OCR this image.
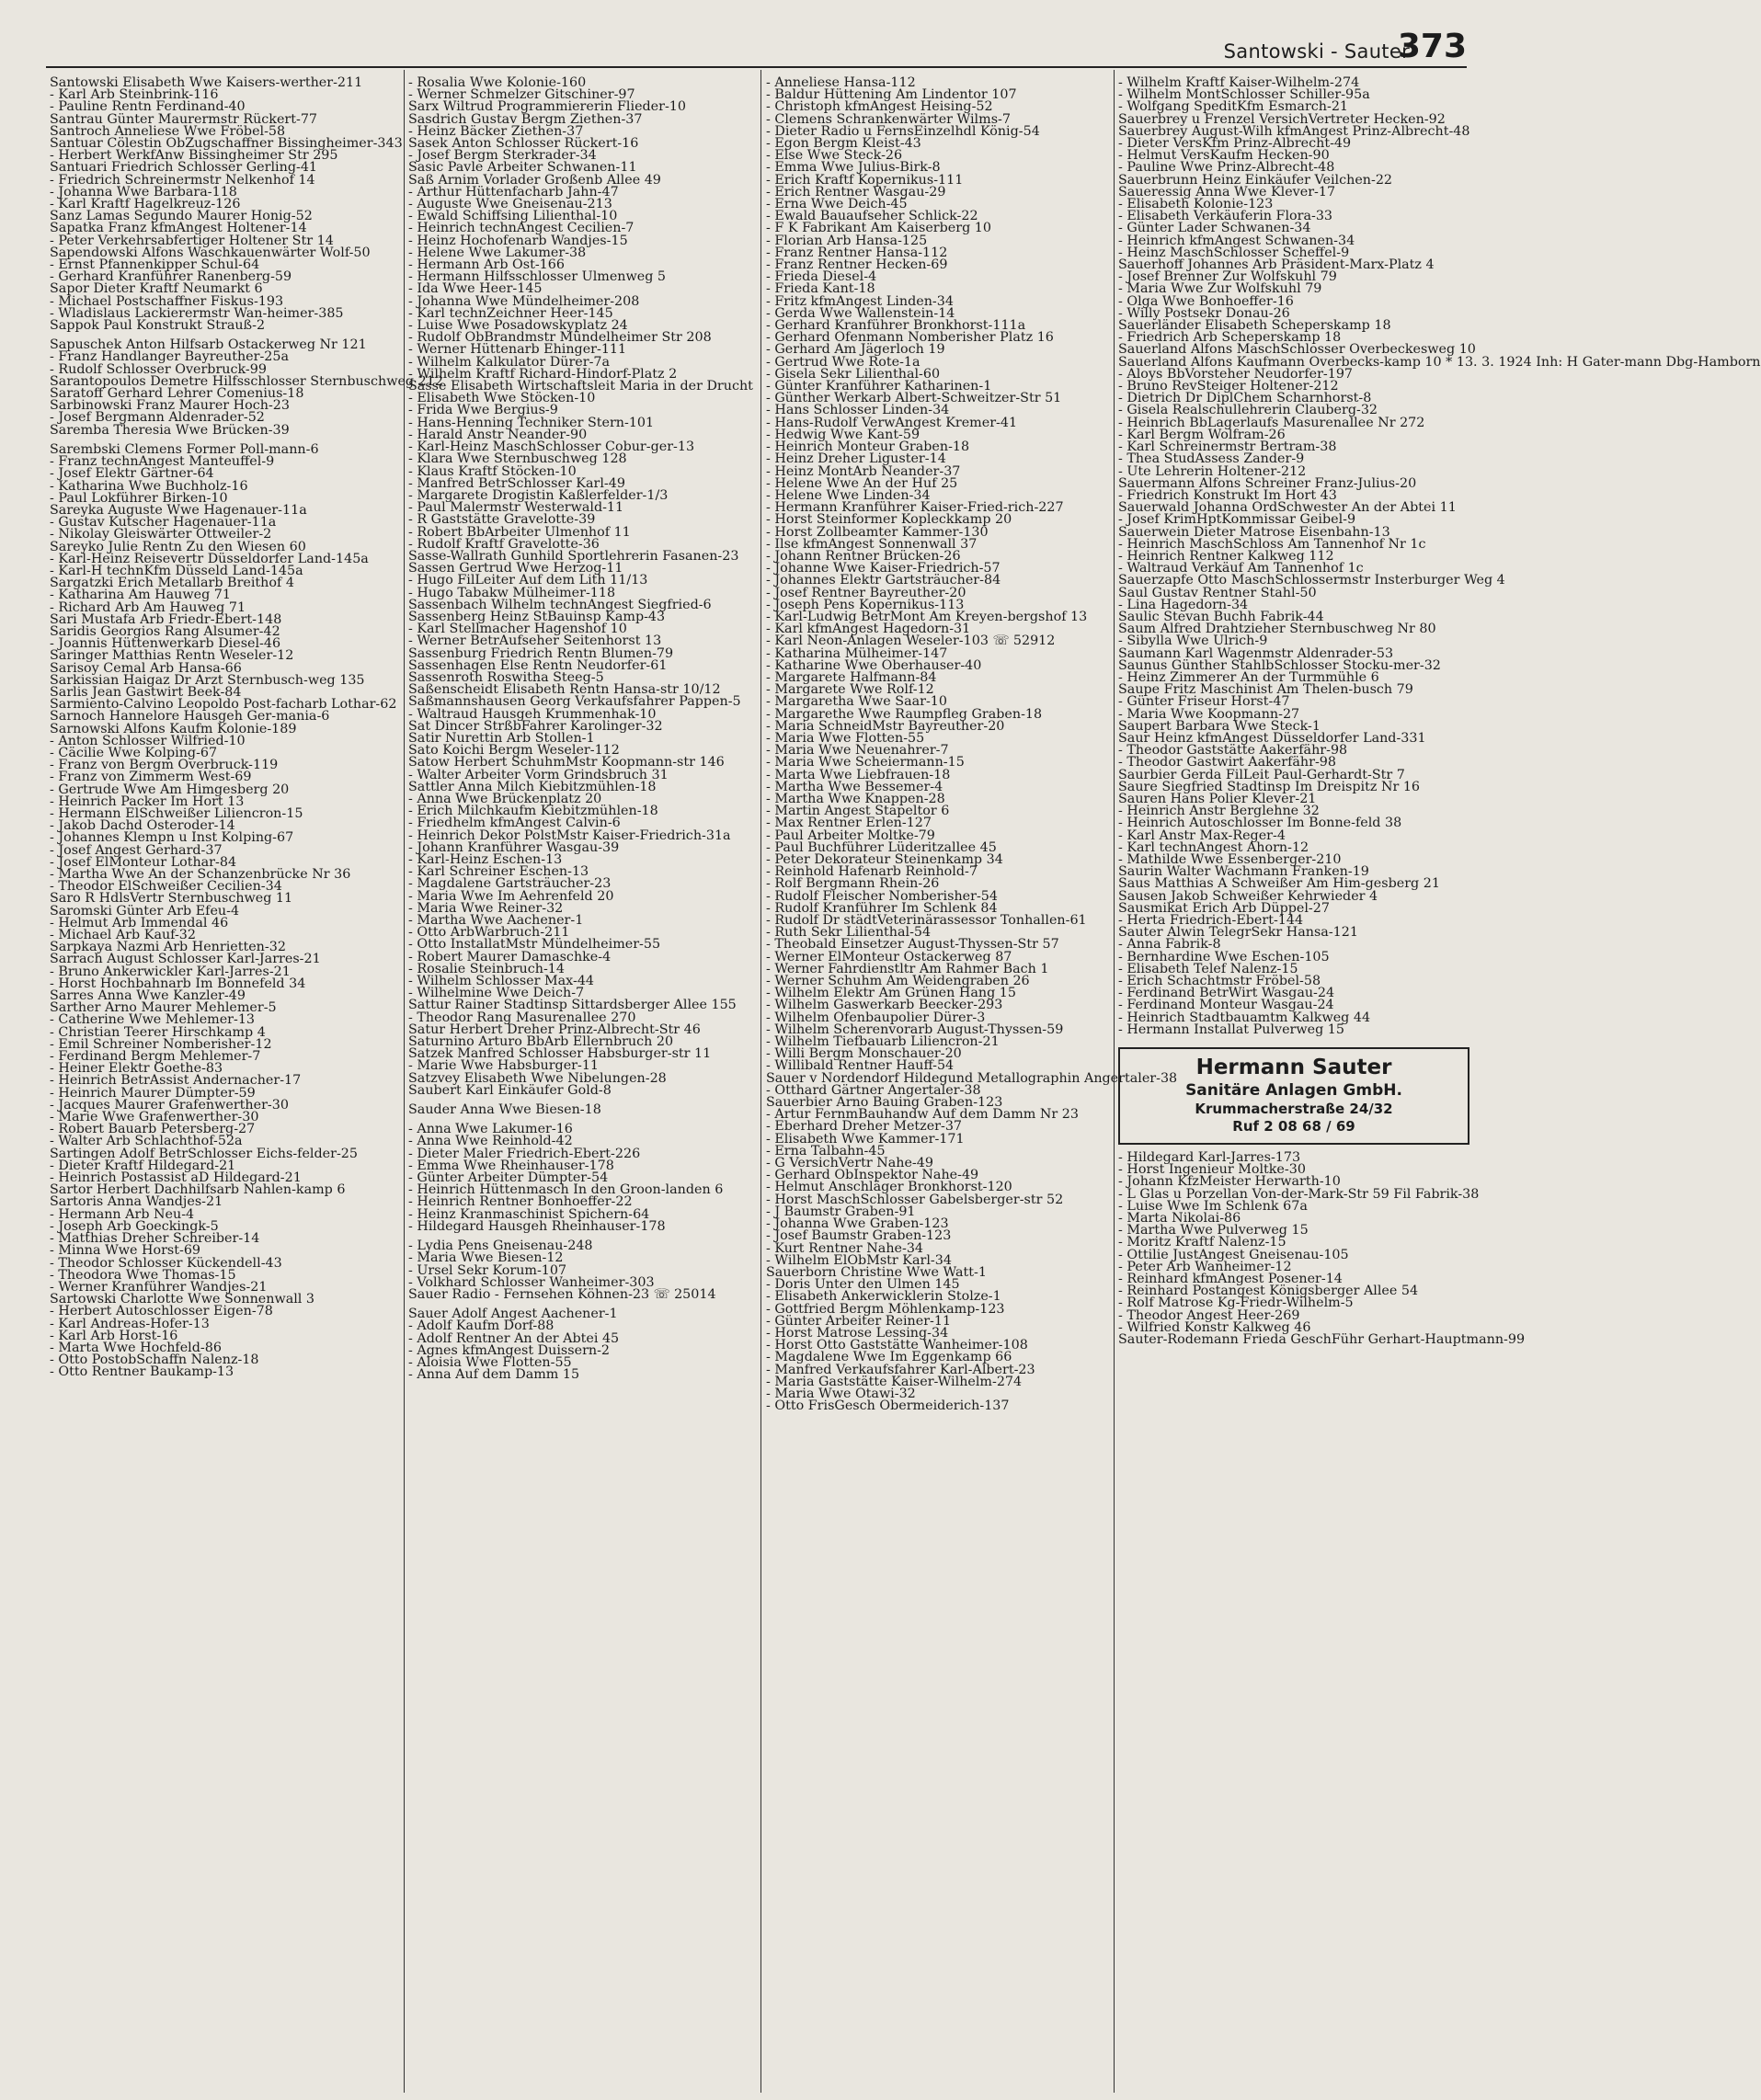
Santowski - Sauter
373
Santowski Elisabeth Wwe Kaisers-werther-211
- Karl Arb Steinbrink-116
- Pauline Rentn Ferdinand-40
Santrau Günter Maurermstr Rückert-77
Santroch Anneliese Wwe Fröbel-58
Santuar Cölestin ObZugschaffner Bissingheimer-343
- Herbert WerkfAnw Bissingheimer Str 295
Santuari Friedrich Schlosser Gerling-41
- Friedrich Schreinermstr Nelkenhof 14
- Johanna Wwe Barbara-118
- Karl Kraftf Hagelkreuz-126
Sanz Lamas Segundo Maurer Honig-52
Sapatka Franz kfmAngest Holtener-14
- Peter Verkehrsabfertiger Holtener Str 14
Sapendowski Alfons Waschkauenwärter Wolf-50
- Ernst Pfannenkipper Schul-64
- Gerhard Kranführer Ranenberg-59
Sapor Dieter Kraftf Neumarkt 6
- Michael Postschaffner Fiskus-193
- Wladislaus Lackierermstr Wan-heimer-385
Sappok Paul Konstrukt Strauß-2
Sapuschek Anton Hilfsarb Ostackerweg Nr 121
- Franz Handlanger Bayreuther-25a
- Rudolf Schlosser Overbruck-99
Sarantopoulos Demetre Hilfsschlosser Sternbuschweg 212
Saratoff Gerhard Lehrer Comenius-18
Sarbinowski Franz Maurer Hoch-23
- Josef Bergmann Aldenrader-52
Saremba Theresia Wwe Brücken-39
Sarembski Clemens Former Poll-mann-6
- Franz technAngest Manteuffel-9
- Josef Elektr Gärtner-64
- Katharina Wwe Buchholz-16
- Paul Lokführer Birken-10
Sareyka Auguste Wwe Hagenauer-11a
- Gustav Kutscher Hagenauer-11a
- Nikolay Gleiswärter Ottweiler-2
Sareyko Julie Rentn Zu den Wiesen 60
- Karl-Heinz Reisevertr Düsseldorfer Land-145a
- Karl-H technKfm Düsseld Land-145a
Sargatzki Erich Metallarb Breithof 4
- Katharina Am Hauweg 71
- Richard Arb Am Hauweg 71
Sari Mustafa Arb Friedr-Ebert-148
Saridis Georgios Rang Alsumer-42
- Joannis Hüttenwerkarb Diesel-46
Saringer Matthias Rentn Weseler-12
Sarisoy Cemal Arb Hansa-66
Sarkissian Haigaz Dr Arzt Sternbusch-weg 135
Sarlis Jean Gastwirt Beek-84
Sarmiento-Calvino Leopoldo Post-facharb Lothar-62
Sarnoch Hannelore Hausgeh Ger-mania-6
Sarnowski Alfons Kaufm Kolonie-189
- Anton Schlosser Wilfried-10
- Cäcilie Wwe Kolping-67
- Franz von Bergm Overbruck-119
- Franz von Zimmerm West-69
- Gertrude Wwe Am Himgesberg 20
- Heinrich Packer Im Hort 13
- Hermann ElSchweißer Liliencron-15
- Jakob Dachd Osteroder-14
- Johannes Klempn u Inst Kolping-67
- Josef Angest Gerhard-37
- Josef ElMonteur Lothar-84
- Martha Wwe An der Schanzenbrücke Nr 36
- Theodor ElSchweißer Cecilien-34
Saro R HdlsVertr Sternbuschweg 11
Saromski Günter Arb Efeu-4
- Helmut Arb Immendal 46
- Michael Arb Kauf-32
Sarpkaya Nazmi Arb Henrietten-32
Sarrach August Schlosser Karl-Jarres-21
- Bruno Ankerwickler Karl-Jarres-21
- Horst Hochbahnarb Im Bonnefeld 34
Sarres Anna Wwe Kanzler-49
Sarther Arno Maurer Mehlemer-5
- Catherine Wwe Mehlemer-13
- Christian Teerer Hirschkamp 4
- Emil Schreiner Nomberisher-12
- Ferdinand Bergm Mehlemer-7
- Heiner Elektr Goethe-83
- Heinrich BetrAssist Andernacher-17
- Heinrich Maurer Dümpter-59
- Jacques Maurer Grafenwerther-30
- Marie Wwe Grafenwerther-30
- Robert Bauarb Petersberg-27
- Walter Arb Schlachthof-52a
Sartingen Adolf BetrSchlosser Eichs-felder-25
- Dieter Kraftf Hildegard-21
- Heinrich Postassist aD Hildegard-21
Sartor Herbert Dachhilfsarb Nahlen-kamp 6
Sartoris Anna Wandjes-21
- Hermann Arb Neu-4
- Joseph Arb Goeckingk-5
- Matthias Dreher Schreiber-14
- Minna Wwe Horst-69
- Theodor Schlosser Kückendell-43
- Theodora Wwe Thomas-15
- Werner Kranführer Wandjes-21
Sartowski Charlotte Wwe Sonnenwall 3
- Herbert Autoschlosser Eigen-78
- Karl Andreas-Hofer-13
- Karl Arb Horst-16
- Marta Wwe Hochfeld-86
- Otto PostobSchaffn Nalenz-18
- Otto Rentner Baukamp-13
- Rosalia Wwe Kolonie-160
- Werner Schmelzer Gitschiner-97
Sarx Wiltrud Programmiererin Flieder-10
Sasdrich Gustav Bergm Ziethen-37
- Heinz Bäcker Ziethen-37
Sasek Anton Schlosser Rückert-16
- Josef Bergm Sterkrader-34
Sasic Pavle Arbeiter Schwanen-11
Saß Arnim Vorlader Großenb Allee 49
- Arthur Hüttenfacharb Jahn-47
- Auguste Wwe Gneisenau-213
- Ewald Schiffsing Lilienthal-10
- Heinrich technAngest Cecilien-7
- Heinz Hochofenarb Wandjes-15
- Helene Wwe Lakumer-38
- Hermann Arb Ost-166
- Hermann Hilfsschlosser Ulmenweg 5
- Ida Wwe Heer-145
- Johanna Wwe Mündelheimer-208
- Karl technZeichner Heer-145
- Luise Wwe Posadowskyplatz 24
- Rudolf ObBrandmstr Mündelheimer Str 208
- Werner Hüttenarb Ehinger-111
- Wilhelm Kalkulator Dürer-7a
- Wilhelm Kraftf Richard-Hindorf-Platz 2
Sasse Elisabeth Wirtschaftsleit Maria in der Drucht
- Elisabeth Wwe Stöcken-10
- Frida Wwe Bergius-9
- Hans-Henning Techniker Stern-101
- Harald Anstr Neander-90
- Karl-Heinz MaschSchlosser Cobur-ger-13
- Klara Wwe Sternbuschweg 128
- Klaus Kraftf Stöcken-10
- Manfred BetrSchlosser Karl-49
- Margarete Drogistin Kaßlerfelder-1/3
- Paul Malermstr Westerwald-11
- R Gaststätte Gravelotte-39
- Robert BbArbeiter Ulmenhof 11
- Rudolf Kraftf Gravelotte-36
Sasse-Wallrath Gunhild Sportlehrerin Fasanen-23
Sassen Gertrud Wwe Herzog-11
- Hugo FilLeiter Auf dem Lith 11/13
- Hugo Tabakw Mülheimer-118
Sassenbach Wilhelm technAngest Siegfried-6
Sassenberg Heinz StBauinsp Kamp-43
- Karl Stellmacher Hagenshof 10
- Werner BetrAufseher Seitenhorst 13
Sassenburg Friedrich Rentn Blumen-79
Sassenhagen Else Rentn Neudorfer-61
Sassenroth Roswitha Steeg-5
Saßenscheidt Elisabeth Rentn Hansa-str 10/12
Saßmannshausen Georg Verkaufsfahrer Pappen-5
- Waltraud Hausgeh Krummenhak-10
Sat Dincer StrßbFahrer Karolinger-32
Satir Nurettin Arb Stollen-1
Sato Koichi Bergm Weseler-112
Satow Herbert SchuhmMstr Koopmann-str 146
- Walter Arbeiter Vorm Grindsbruch 31
Sattler Anna Milch Kiebitzmühlen-18
- Anna Wwe Brückenplatz 20
- Erich Milchkaufm Kiebitzmühlen-18
- Friedhelm kfmAngest Calvin-6
- Heinrich Dekor PolstMstr Kaiser-Friedrich-31a
- Johann Kranführer Wasgau-39
- Karl-Heinz Eschen-13
- Karl Schreiner Eschen-13
- Magdalene Gartsträucher-23
- Maria Wwe Im Aehrenfeld 20
- Maria Wwe Reiner-32
- Martha Wwe Aachener-1
- Otto ArbWarbruch-211
- Otto InstallatMstr Mündelheimer-55
- Robert Maurer Damaschke-4
- Rosalie Steinbruch-14
- Wilhelm Schlosser Max-44
- Wilhelmine Wwe Deich-7
Sattur Rainer Stadtinsp Sittardsberger Allee 155
- Theodor Rang Masurenallee 270
Satur Herbert Dreher Prinz-Albrecht-Str 46
Saturnino Arturo BbArb Ellernbruch 20
Satzek Manfred Schlosser Habsburger-str 11
- Marie Wwe Habsburger-11
Satzvey Elisabeth Wwe Nibelungen-28
Saubert Karl Einkäufer Gold-8
Sauder Anna Wwe Biesen-18
- Anna Wwe Lakumer-16
- Anna Wwe Reinhold-42
- Dieter Maler Friedrich-Ebert-226
- Emma Wwe Rheinhauser-178
- Günter Arbeiter Dümpter-54
- Heinrich Hüttenmasch In den Groon-landen 6
- Heinrich Rentner Bonhoeffer-22
- Heinz Kranmaschinist Spichern-64
- Hildegard Hausgeh Rheinhauser-178
- Lydia Pens Gneisenau-248
- Maria Wwe Biesen-12
- Ursel Sekr Korum-107
- Volkhard Schlosser Wanheimer-303
Sauer Radio - Fernsehen Köhnen-23 ☏ 25014
Sauer Adolf Angest Aachener-1
- Adolf Kaufm Dorf-88
- Adolf Rentner An der Abtei 45
- Agnes kfmAngest Duissern-2
- Aloisia Wwe Flotten-55
- Anna Auf dem Damm 15
- Anneliese Hansa-112
- Baldur Hüttening Am Lindentor 107
- Christoph kfmAngest Heising-52
- Clemens Schrankenwärter Wilms-7
- Dieter Radio u FernsEinzelhdl König-54
- Egon Bergm Kleist-43
- Else Wwe Steck-26
- Emma Wwe Julius-Birk-8
- Erich Kraftf Kopernikus-111
- Erich Rentner Wasgau-29
- Erna Wwe Deich-45
- Ewald Bauaufseher Schlick-22
- F K Fabrikant Am Kaiserberg 10
- Florian Arb Hansa-125
- Franz Rentner Hansa-112
- Franz Rentner Hecken-69
- Frieda Diesel-4
- Frieda Kant-18
- Fritz kfmAngest Linden-34
- Gerda Wwe Wallenstein-14
- Gerhard Kranführer Bronkhorst-111a
- Gerhard Ofenmann Nomberisher Platz 16
- Gerhard Am Jägerloch 19
- Gertrud Wwe Rote-1a
- Gisela Sekr Lilienthal-60
- Günter Kranführer Katharinen-1
- Günther Werkarb Albert-Schweitzer-Str 51
- Hans Schlosser Linden-34
- Hans-Rudolf VerwAngest Kremer-41
- Hedwig Wwe Kant-59
- Heinrich Monteur Graben-18
- Heinz Dreher Liguster-14
- Heinz MontArb Neander-37
- Helene Wwe An der Huf 25
- Helene Wwe Linden-34
- Hermann Kranführer Kaiser-Fried-rich-227
- Horst Steinformer Kopleckkamp 20
- Horst Zollbeamter Kammer-130
- Ilse kfmAngest Sonnenwall 37
- Johann Rentner Brücken-26
- Johanne Wwe Kaiser-Friedrich-57
- Johannes Elektr Gartsträucher-84
- Josef Rentner Bayreuther-20
- Joseph Pens Kopernikus-113
- Karl-Ludwig BetrMont Am Kreyen-bergshof 13
- Karl kfmAngest Hagedorn-31
- Karl Neon-Anlagen Weseler-103 ☏ 52912
- Katharina Mülheimer-147
- Katharine Wwe Oberhauser-40
- Margarete Halfmann-84
- Margarete Wwe Rolf-12
- Margaretha Wwe Saar-10
- Margarethe Wwe Raumpfleg Graben-18
- Maria SchneidMstr Bayreuther-20
- Maria Wwe Flotten-55
- Maria Wwe Neuenahrer-7
- Maria Wwe Scheiermann-15
- Marta Wwe Liebfrauen-18
- Martha Wwe Bessemer-4
- Martha Wwe Knappen-28
- Martin Angest Stapeltor 6
- Max Rentner Erlen-127
- Paul Arbeiter Moltke-79
- Paul Buchführer Lüderitzallee 45
- Peter Dekorateur Steinenkamp 34
- Reinhold Hafenarb Reinhold-7
- Rolf Bergmann Rhein-26
- Rudolf Fleischer Nomberisher-54
- Rudolf Kranführer Im Schlenk 84
- Rudolf Dr städtVeterinärassessor Tonhallen-61
- Ruth Sekr Lilienthal-54
- Theobald Einsetzer August-Thyssen-Str 57
- Werner ElMonteur Ostackerweg 87
- Werner Fahrdienstltr Am Rahmer Bach 1
- Werner Schuhm Am Weidengraben 26
- Wilhelm Elektr Am Grünen Hang 15
- Wilhelm Gaswerkarb Beecker-293
- Wilhelm Ofenbaupolier Dürer-3
- Wilhelm Scherenvorarb August-Thyssen-59
- Wilhelm Tiefbauarb Liliencron-21
- Willi Bergm Monschauer-20
- Willibald Rentner Hauff-54
Sauer v Nordendorf Hildegund Metallographin Angertaler-38
- Otthard Gärtner Angertaler-38
Sauerbier Arno Bauing Graben-123
- Artur FernmBauhandw Auf dem Damm Nr 23
- Eberhard Dreher Metzer-37
- Elisabeth Wwe Kammer-171
- Erna Talbahn-45
- G VersichVertr Nahe-49
- Gerhard ObInspektor Nahe-49
- Helmut Anschläger Bronkhorst-120
- Horst MaschSchlosser Gabelsberger-str 52
- J Baumstr Graben-91
- Johanna Wwe Graben-123
- Josef Baumstr Graben-123
- Kurt Rentner Nahe-34
- Wilhelm ElObMstr Karl-34
Sauerborn Christine Wwe Watt-1
- Doris Unter den Ulmen 145
- Elisabeth Ankerwicklerin Stolze-1
- Gottfried Bergm Möhlenkamp-123
- Günter Arbeiter Reiner-11
- Horst Matrose Lessing-34
- Horst Otto Gaststätte Wanheimer-108
- Magdalene Wwe Im Eggenkamp 66
- Manfred Verkaufsfahrer Karl-Albert-23
- Maria Gaststätte Kaiser-Wilhelm-274
- Maria Wwe Otawi-32
- Otto FrisGesch Obermeiderich-137
- Wilhelm Kraftf Kaiser-Wilhelm-274
- Wilhelm MontSchlosser Schiller-95a
- Wolfgang SpeditKfm Esmarch-21
Sauerbrey u Frenzel VersichVertreter Hecken-92
Sauerbrey August-Wilh kfmAngest Prinz-Albrecht-48
- Dieter VersKfm Prinz-Albrecht-49
- Helmut VersKaufm Hecken-90
- Pauline Wwe Prinz-Albrecht-48
Sauerbrunn Heinz Einkäufer Veilchen-22
Saueressig Anna Wwe Klever-17
- Elisabeth Kolonie-123
- Elisabeth Verkäuferin Flora-33
- Günter Lader Schwanen-34
- Heinrich kfmAngest Schwanen-34
- Heinz MaschSchlosser Scheffel-9
Sauerhoff Johannes Arb Präsident-Marx-Platz 4
- Josef Brenner Zur Wolfskuhl 79
- Maria Wwe Zur Wolfskuhl 79
- Olga Wwe Bonhoeffer-16
- Willy Postsekr Donau-26
Sauerländer Elisabeth Scheperskamp 18
- Friedrich Arb Scheperskamp 18
Sauerland Alfons MaschSchlosser Overbeckesweg 10
Sauerland Alfons Kaufmann Overbecks-kamp 10 * 13. 3. 1924 Inh: H Gater-mann Dbg-Hamborn
- Aloys BbVorsteher Neudorfer-197
- Bruno RevSteiger Holtener-212
- Dietrich Dr DiplChem Scharnhorst-8
- Gisela Realschullehrerin Clauberg-32
- Heinrich BbLagerlaufs Masurenallee Nr 272
- Karl Bergm Wolfram-26
- Karl Schreinermstr Bertram-38
- Thea StudAssess Zander-9
- Ute Lehrerin Holtener-212
Sauermann Alfons Schreiner Franz-Julius-20
- Friedrich Konstrukt Im Hort 43
Sauerwald Johanna OrdSchwester An der Abtei 11
- Josef KrimHptKommissar Geibel-9
Sauerwein Dieter Matrose Eisenbahn-13
- Heinrich MaschSchloss Am Tannenhof Nr 1c
- Heinrich Rentner Kalkweg 112
- Waltraud Verkäuf Am Tannenhof 1c
Sauerzapfe Otto MaschSchlossermstr Insterburger Weg 4
Saul Gustav Rentner Stahl-50
- Lina Hagedorn-34
Saulic Stevan Buchh Fabrik-44
Saum Alfred Drahtzieher Sternbuschweg Nr 80
- Sibylla Wwe Ulrich-9
Saumann Karl Wagenmstr Aldenrader-53
Saunus Günther StahlbSchlosser Stocku-mer-32
- Heinz Zimmerer An der Turmmühle 6
Saupe Fritz Maschinist Am Thelen-busch 79
- Günter Friseur Horst-47
- Maria Wwe Koopmann-27
Saupert Barbara Wwe Steck-1
Saur Heinz kfmAngest Düsseldorfer Land-331
- Theodor Gaststätte Aakerfähr-98
- Theodor Gastwirt Aakerfähr-98
Saurbier Gerda FilLeit Paul-Gerhardt-Str 7
Saure Siegfried Stadtinsp Im Dreispitz Nr 16
Sauren Hans Polier Klever-21
- Heinrich Anstr Berglehne 32
- Heinrich Autoschlosser Im Bonne-feld 38
- Karl Anstr Max-Reger-4
- Karl technAngest Ahorn-12
- Mathilde Wwe Essenberger-210
Saurin Walter Wachmann Franken-19
Saus Matthias A Schweißer Am Him-gesberg 21
Sausen Jakob Schweißer Kehrwieder 4
Sausmikat Erich Arb Düppel-27
- Herta Friedrich-Ebert-144
Sauter Alwin TelegrSekr Hansa-121
- Anna Fabrik-8
- Bernhardine Wwe Eschen-105
- Elisabeth Telef Nalenz-15
- Erich Schachtmstr Fröbel-58
- Ferdinand BetrWirt Wasgau-24
- Ferdinand Monteur Wasgau-24
- Heinrich Stadtbauamtm Kalkweg 44
- Hermann Installat Pulverweg 15
Hermann Sauter
Sanitäre Anlagen GmbH.
Krummacherstraße 24/32
Ruf 2 08 68 / 69
- Hildegard Karl-Jarres-173
- Horst Ingenieur Moltke-30
- Johann KfzMeister Herwarth-10
- L Glas u Porzellan Von-der-Mark-Str 59 Fil Fabrik-38
- Luise Wwe Im Schlenk 67a
- Marta Nikolai-86
- Martha Wwe Pulverweg 15
- Moritz Kraftf Nalenz-15
- Ottilie JustAngest Gneisenau-105
- Peter Arb Wanheimer-12
- Reinhard kfmAngest Posener-14
- Reinhard Postangest Königsberger Allee 54
- Rolf Matrose Kg-Friedr-Wilhelm-5
- Theodor Angest Heer-269
- Wilfried Konstr Kalkweg 46
Sauter-Rodemann Frieda GeschFühr Gerhart-Hauptmann-99
